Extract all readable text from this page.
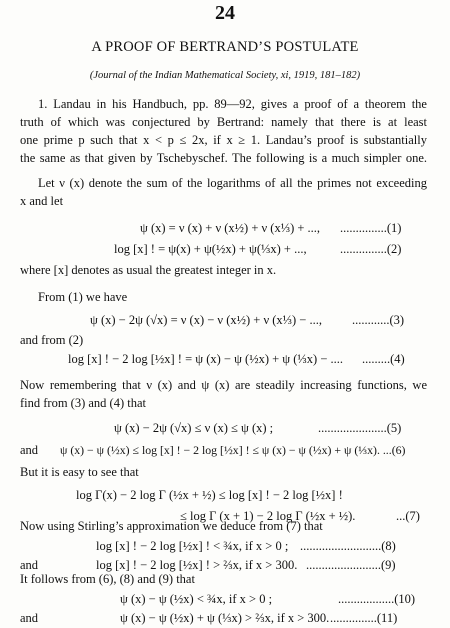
24
A PROOF OF BERTRAND’S POSTULATE
(Journal of the Indian Mathematical Society, xi, 1919, 181–182)
1. Landau in his Handbuch, pp. 89—92, gives a proof of a theorem the
truth of which was conjectured by Bertrand: namely that there is at least
one prime p such that x < p ≤ 2x, if x ≥ 1. Landau’s proof is substantially
the same as that given by Tschebyschef. The following is a much simpler one.
Let ν (x) denote the sum of the logarithms of all the primes not exceeding
x and let
ψ (x) = ν (x) + ν (x½) + ν (x⅓) + ..., ...............(1)
log [x] ! = ψ(x) + ψ(½x) + ψ(⅓x) + ...,	...............(2)
where [x] denotes as usual the greatest integer in x.
From (1) we have
ψ (x) − 2ψ (√x) = ν (x) − ν (x½) + ν (x⅓) − ..., ............(3)
and from (2)
log [x] ! − 2 log [½x] ! = ψ (x) − ψ (½x) + ψ (⅓x) − .... .........(4)
Now remembering that ν (x) and ψ (x) are steadily increasing functions, we
find from (3) and (4) that
ψ (x) − 2ψ (√x) ≤ ν (x) ≤ ψ (x) ;	......................(5)
and ψ (x) − ψ (½x) ≤ log [x] ! − 2 log [½x] ! ≤ ψ (x) − ψ (½x) + ψ (⅓x). ...(6)
But it is easy to see that
log Γ(x) − 2 log Γ (½x + ½) ≤ log [x] ! − 2 log [½x] !
≤ log Γ (x + 1) − 2 log Γ (½x + ½).	...(7)
Now using Stirling’s approximation we deduce from (7) that
log [x] ! − 2 log [½x] ! < ¾x, if x > 0 ; ..........................(8)
and	log [x] ! − 2 log [½x] ! > ⅔x, if x > 300. ........................(9)
It follows from (6), (8) and (9) that
ψ (x) − ψ (½x) < ¾x, if x > 0 ;	..................(10)
and	ψ (x) − ψ (½x) + ψ (⅓x) > ⅔x, if x > 300. ...............(11)
